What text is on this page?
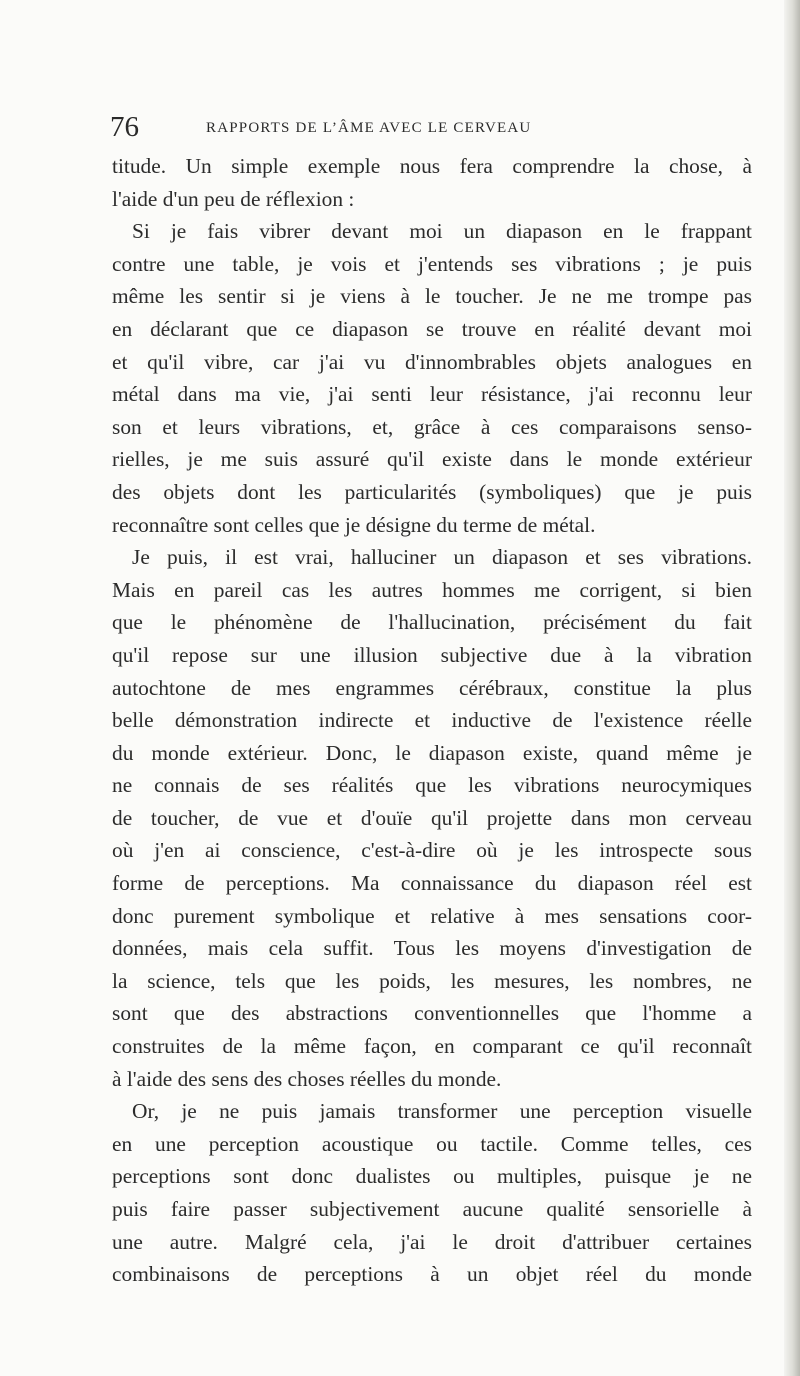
76	RAPPORTS DE L’ÂME AVEC LE CERVEAU
titude. Un simple exemple nous fera comprendre la chose, à
l'aide d'un peu de réflexion :
Si je fais vibrer devant moi un diapason en le frappant
contre une table, je vois et j'entends ses vibrations ; je puis
même les sentir si je viens à le toucher. Je ne me trompe pas
en déclarant que ce diapason se trouve en réalité devant moi
et qu'il vibre, car j'ai vu d'innombrables objets analogues en
métal dans ma vie, j'ai senti leur résistance, j'ai reconnu leur
son et leurs vibrations, et, grâce à ces comparaisons senso-
rielles, je me suis assuré qu'il existe dans le monde extérieur
des objets dont les particularités (symboliques) que je puis
reconnaître sont celles que je désigne du terme de métal.
Je puis, il est vrai, halluciner un diapason et ses vibrations.
Mais en pareil cas les autres hommes me corrigent, si bien
que le phénomène de l'hallucination, précisément du fait
qu'il repose sur une illusion subjective due à la vibration
autochtone de mes engrammes cérébraux, constitue la plus
belle démonstration indirecte et inductive de l'existence réelle
du monde extérieur. Donc, le diapason existe, quand même je
ne connais de ses réalités que les vibrations neurocymiques
de toucher, de vue et d'ouïe qu'il projette dans mon cerveau
où j'en ai conscience, c'est-à-dire où je les introspecte sous
forme de perceptions. Ma connaissance du diapason réel est
donc purement symbolique et relative à mes sensations coor-
données, mais cela suffit. Tous les moyens d'investigation de
la science, tels que les poids, les mesures, les nombres, ne
sont que des abstractions conventionnelles que l'homme a
construites de la même façon, en comparant ce qu'il reconnaît
à l'aide des sens des choses réelles du monde.
Or, je ne puis jamais transformer une perception visuelle
en une perception acoustique ou tactile. Comme telles, ces
perceptions sont donc dualistes ou multiples, puisque je ne
puis faire passer subjectivement aucune qualité sensorielle à
une autre. Malgré cela, j'ai le droit d'attribuer certaines
combinaisons de perceptions à un objet réel du monde
